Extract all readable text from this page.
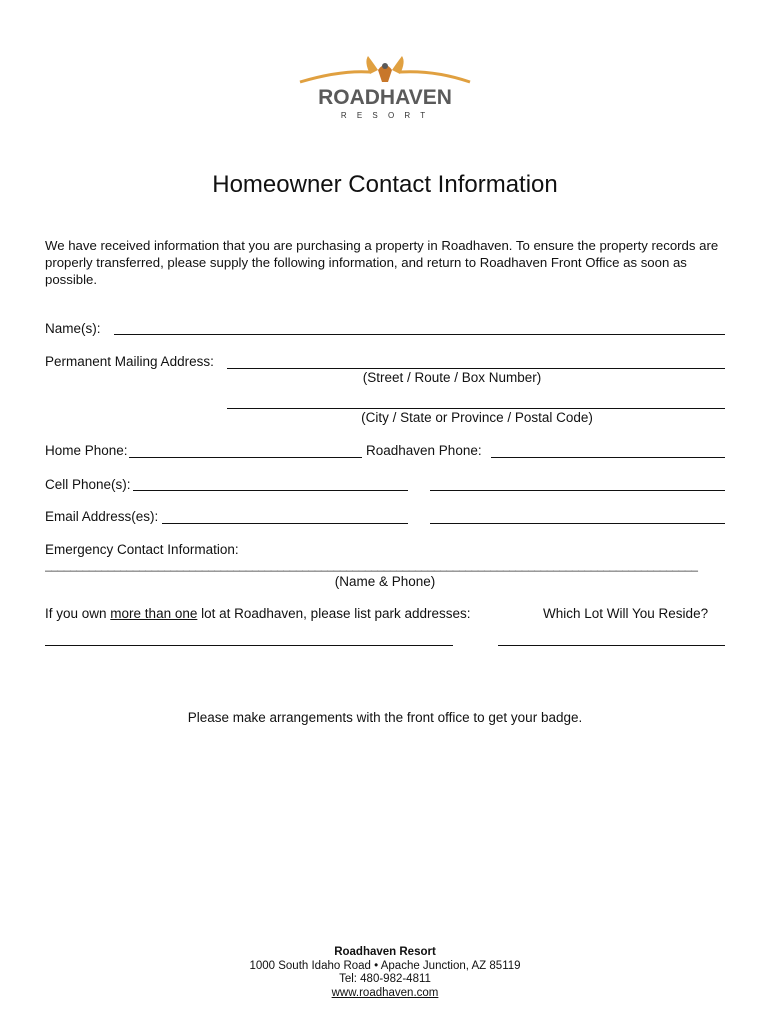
ROADHAVEN
R E S O R T
Homeowner Contact Information
We have received information that you are purchasing a property in Roadhaven. To ensure the property records are properly transferred, please supply the following information, and return to Roadhaven Front Office as soon as possible.
Name(s):
Permanent Mailing Address:
(Street / Route / Box Number)
(City / State or Province / Postal Code)
Home Phone:	Roadhaven Phone:
Cell Phone(s):
Email Address(es):
Emergency Contact Information:
________________________________________________________________________________________________________
(Name & Phone)
If you own more than one lot at Roadhaven, please list park addresses:	Which Lot Will You Reside?
Please make arrangements with the front office to get your badge.
Roadhaven Resort
1000 South Idaho Road • Apache Junction, AZ 85119
Tel: 480-982-4811
www.roadhaven.com
